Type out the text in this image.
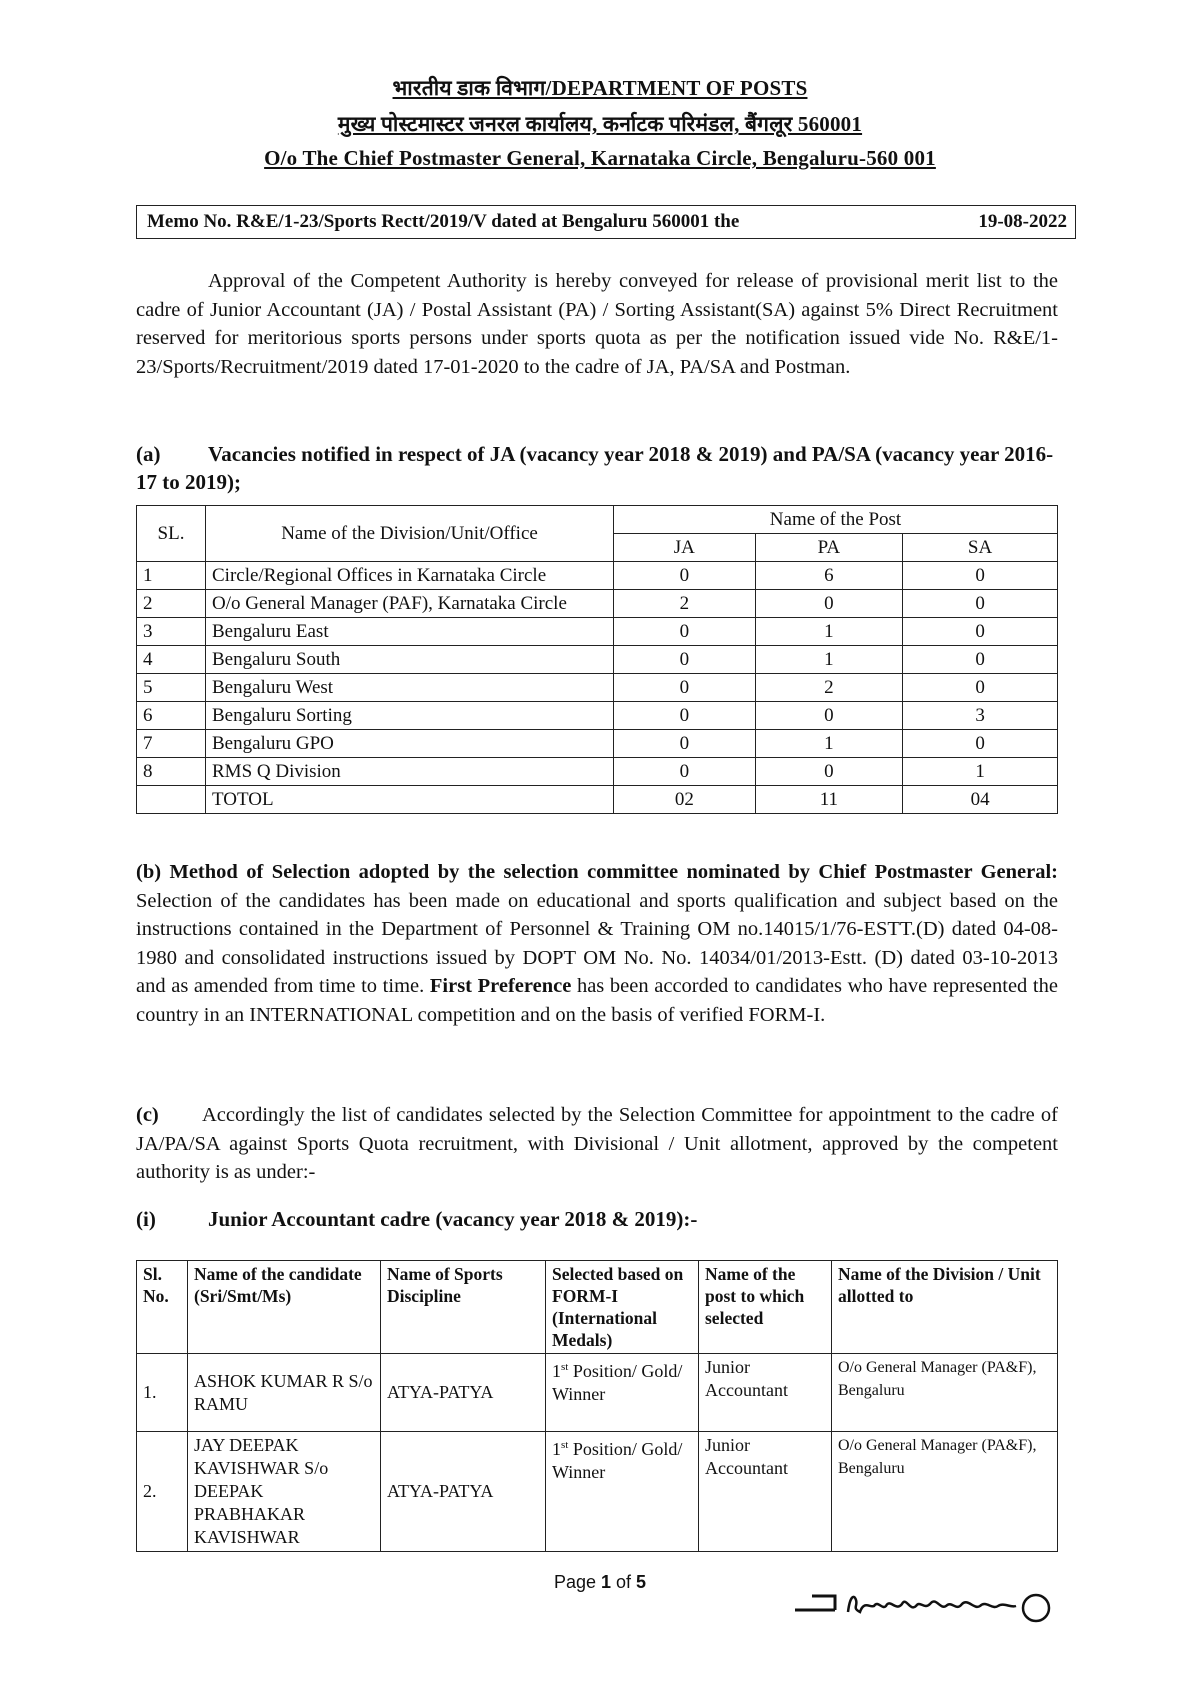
भारतीय डाक विभाग/DEPARTMENT OF POSTS
मुख्य पोस्टमास्टर जनरल कार्यालय, कर्नाटक परिमंडल, बैंगलूर 560001
O/o The Chief Postmaster General, Karnataka Circle, Bengaluru-560 001
Memo No. R&E/1-23/Sports Rectt/2019/V dated at Bengaluru 560001 the	19-08-2022
Approval of the Competent Authority is hereby conveyed for release of provisional merit list to the cadre of Junior Accountant (JA) / Postal Assistant (PA) / Sorting Assistant(SA) against 5% Direct Recruitment reserved for meritorious sports persons under sports quota as per the notification issued vide No. R&E/1-23/Sports/Recruitment/2019 dated 17-01-2020 to the cadre of JA, PA/SA and Postman.
(a) Vacancies notified in respect of JA (vacancy year 2018 & 2019) and PA/SA (vacancy year 2016-17 to 2019);
SL.	Name of the Division/Unit/Office	Name of the Post		
		JA	PA	SA
1	Circle/Regional Offices in Karnataka Circle	0	6	0
2	O/o General Manager (PAF), Karnataka Circle	2	0	0
3	Bengaluru East	0	1	0
4	Bengaluru South	0	1	0
5	Bengaluru West	0	2	0
6	Bengaluru Sorting	0	0	3
7	Bengaluru GPO	0	1	0
8	RMS Q Division	0	0	1
	TOTOL	02	11	04
(b) Method of Selection adopted by the selection committee nominated by Chief Postmaster General: Selection of the candidates has been made on educational and sports qualification and subject based on the instructions contained in the Department of Personnel & Training OM no.14015/1/76-ESTT.(D) dated 04-08-1980 and consolidated instructions issued by DOPT OM No. No. 14034/01/2013-Estt. (D) dated 03-10-2013 and as amended from time to time. First Preference has been accorded to candidates who have represented the country in an INTERNATIONAL competition and on the basis of verified FORM-I.
(c) Accordingly the list of candidates selected by the Selection Committee for appointment to the cadre of JA/PA/SA against Sports Quota recruitment, with Divisional / Unit allotment, approved by the competent authority is as under:-
(i) Junior Accountant cadre (vacancy year 2018 & 2019):-
Sl. No.	Name of the candidate (Sri/Smt/Ms)	Name of Sports Discipline	Selected based on FORM-I (International Medals)	Name of the post to which selected	Name of the Division / Unit allotted to
1.	ASHOK KUMAR R S/o RAMU	ATYA-PATYA	1st Position/ Gold/ Winner	Junior Accountant	O/o General Manager (PA&F), Bengaluru
2.	JAY DEEPAK KAVISHWAR S/o DEEPAK PRABHAKAR KAVISHWAR	ATYA-PATYA	1st Position/ Gold/ Winner	Junior Accountant	O/o General Manager (PA&F), Bengaluru
Page 1 of 5
